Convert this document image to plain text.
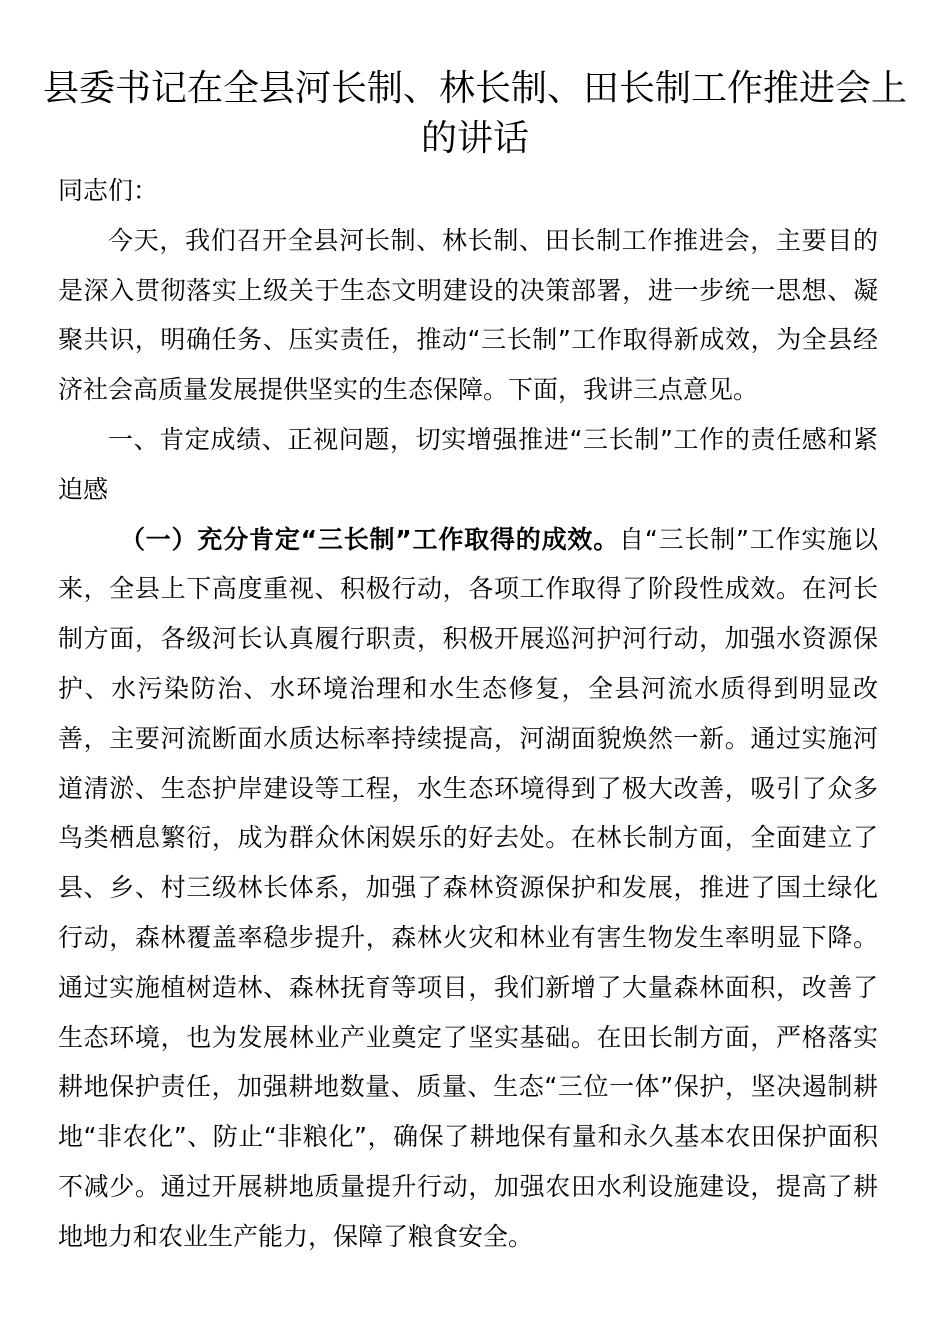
县委书记在全县河长制、林长制、田长制工作推进会上的讲话

同志们：

今天，我们召开全县河长制、林长制、田长制工作推进会，主要目的是深入贯彻落实上级关于生态文明建设的决策部署，进一步统一思想、凝聚共识，明确任务、压实责任，推动“三长制”工作取得新成效，为全县经济社会高质量发展提供坚实的生态保障。下面，我讲三点意见。

一、肯定成绩、正视问题，切实增强推进“三长制”工作的责任感和紧迫感

（一）充分肯定“三长制”工作取得的成效。自“三长制”工作实施以来，全县上下高度重视、积极行动，各项工作取得了阶段性成效。在河长制方面，各级河长认真履行职责，积极开展巡河护河行动，加强水资源保护、水污染防治、水环境治理和水生态修复，全县河流水质得到明显改善，主要河流断面水质达标率持续提高，河湖面貌焕然一新。通过实施河道清淤、生态护岸建设等工程，水生态环境得到了极大改善，吸引了众多鸟类栖息繁衍，成为群众休闲娱乐的好去处。在林长制方面，全面建立了县、乡、村三级林长体系，加强了森林资源保护和发展，推进了国土绿化行动，森林覆盖率稳步提升，森林火灾和林业有害生物发生率明显下降。通过实施植树造林、森林抚育等项目，我们新增了大量森林面积，改善了生态环境，也为发展林业产业奠定了坚实基础。在田长制方面，严格落实耕地保护责任，加强耕地数量、质量、生态“三位一体”保护，坚决遏制耕地“非农化”、防止“非粮化”，确保了耕地保有量和永久基本农田保护面积不减少。通过开展耕地质量提升行动，加强农田水利设施建设，提高了耕地地力和农业生产能力，保障了粮食安全。
